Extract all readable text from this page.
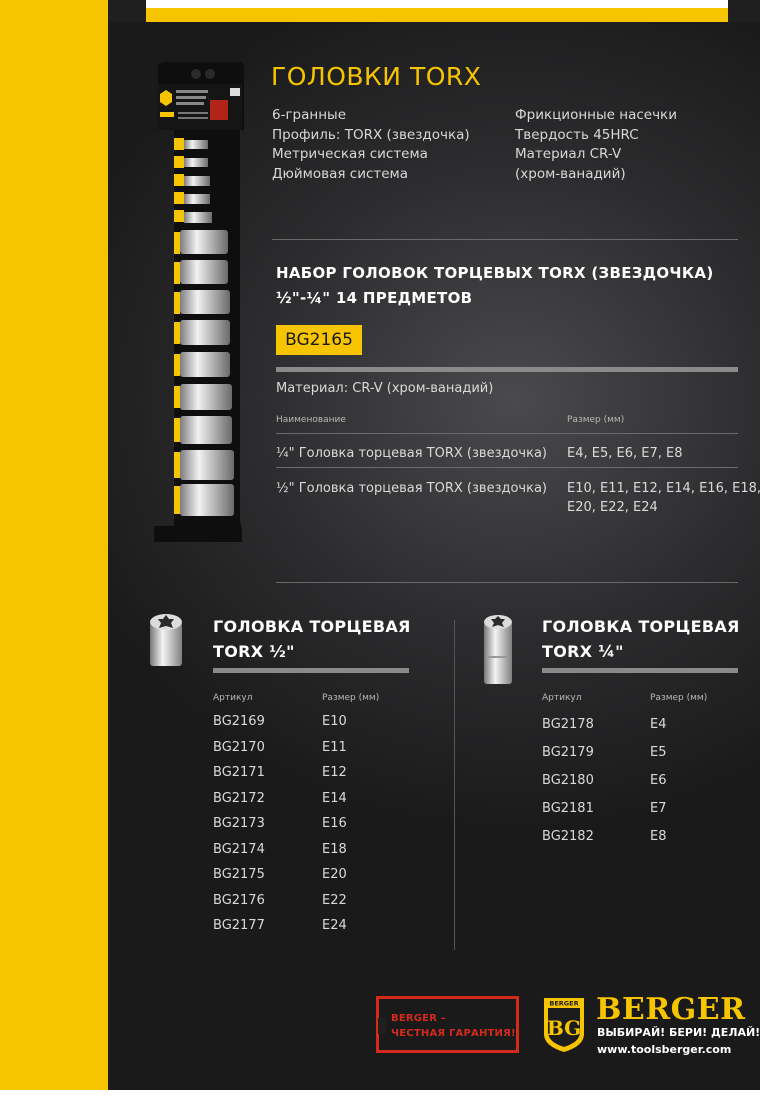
ГОЛОВКИ TORX
6-гранные
Профиль: TORX (звездочка)
Метрическая система
Дюймовая система
Фрикционные насечки
Твердость 45HRC
Материал CR-V
(хром-ванадий)
НАБОР ГОЛОВОК ТОРЦЕВЫХ TORX (ЗВЕЗДОЧКА)
½"-¼" 14 ПРЕДМЕТОВ
BG2165
Материал: CR-V (хром-ванадий)
Наименование	Размер (мм)
¼" Головка торцевая TORX (звездочка) E4, E5, E6, E7, E8
½" Головка торцевая TORX (звездочка) E10, E11, E12, E14, E16, E18,
E20, E22, E24
ГОЛОВКА ТОРЦЕВАЯ
TORX ½"
Артикул	Размер (мм)
BG2169	E10
BG2170	E11
BG2171	E12
BG2172	E14
BG2173	E16
BG2174	E18
BG2175	E20
BG2176	E22
BG2177	E24
ГОЛОВКА ТОРЦЕВАЯ
TORX ¼"
Артикул	Размер (мм)
BG2178	E4
BG2179	E5
BG2180	E6
BG2181	E7
BG2182	E8
BERGER –
ЧЕСТНАЯ ГАРАНТИЯ!
BERGER
BG
BERGER
ВЫБИРАЙ! БЕРИ! ДЕЛАЙ!
www.toolsberger.com
